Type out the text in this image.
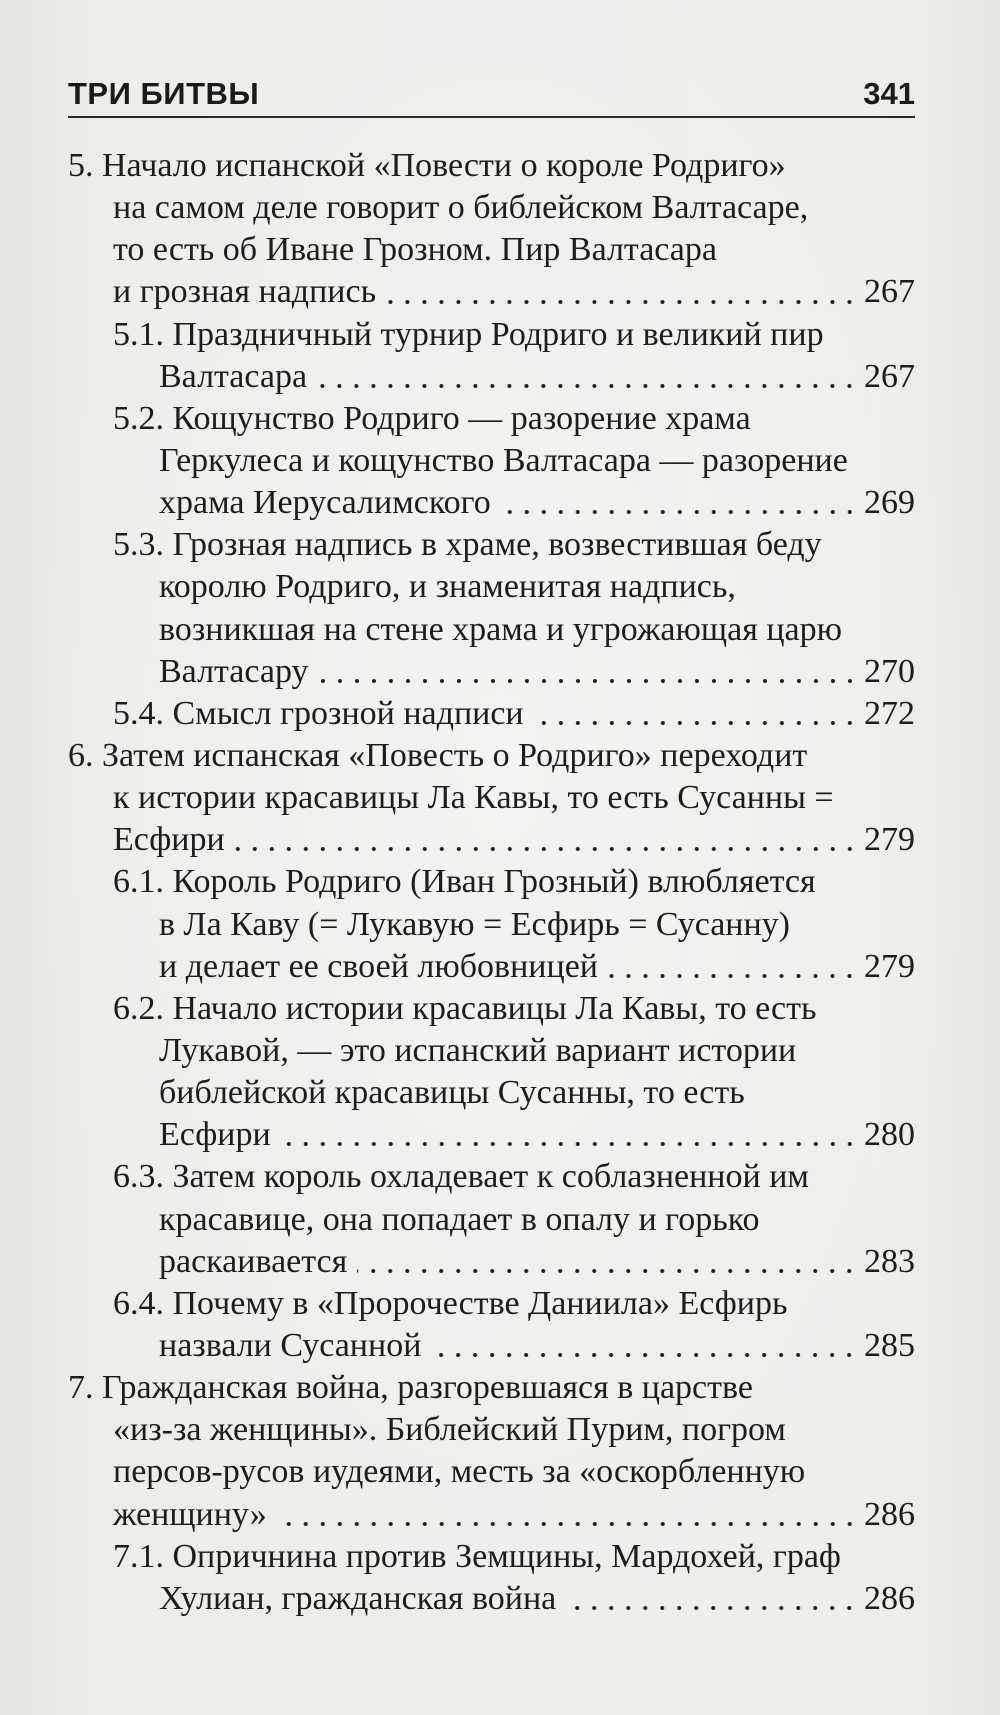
ТРИ БИТВЫ	341
5. Начало испанской «Повести о короле Родриго»
на самом деле говорит о библейском Валтасаре,
то есть об Иване Грозном. Пир Валтасара
и грозная надпись	267
5.1. Праздничный турнир Родриго и великий пир
Валтасара	267
5.2. Кощунство Родриго — разорение храма
Геркулеса и кощунство Валтасара — разорение
храма Иерусалимского	269
5.3. Грозная надпись в храме, возвестившая беду
королю Родриго, и знаменитая надпись,
возникшая на стене храма и угрожающая царю
Валтасару	270
5.4. Смысл грозной надписи	272
6. Затем испанская «Повесть о Родриго» переходит
к истории красавицы Ла Кавы, то есть Сусанны =
Есфири	279
6.1. Король Родриго (Иван Грозный) влюбляется
в Ла Каву (= Лукавую = Есфирь = Сусанну)
и делает ее своей любовницей	279
6.2. Начало истории красавицы Ла Кавы, то есть
Лукавой, — это испанский вариант истории
библейской красавицы Сусанны, то есть
Есфири	280
6.3. Затем король охладевает к соблазненной им
красавице, она попадает в опалу и горько
раскаивается	283
6.4. Почему в «Пророчестве Даниила» Есфирь
назвали Сусанной	285
7. Гражданская война, разгоревшаяся в царстве
«из-за женщины». Библейский Пурим, погром
персов-русов иудеями, месть за «оскорбленную
женщину»	286
7.1. Опричнина против Земщины, Мардохей, граф
Хулиан, гражданская война	286
